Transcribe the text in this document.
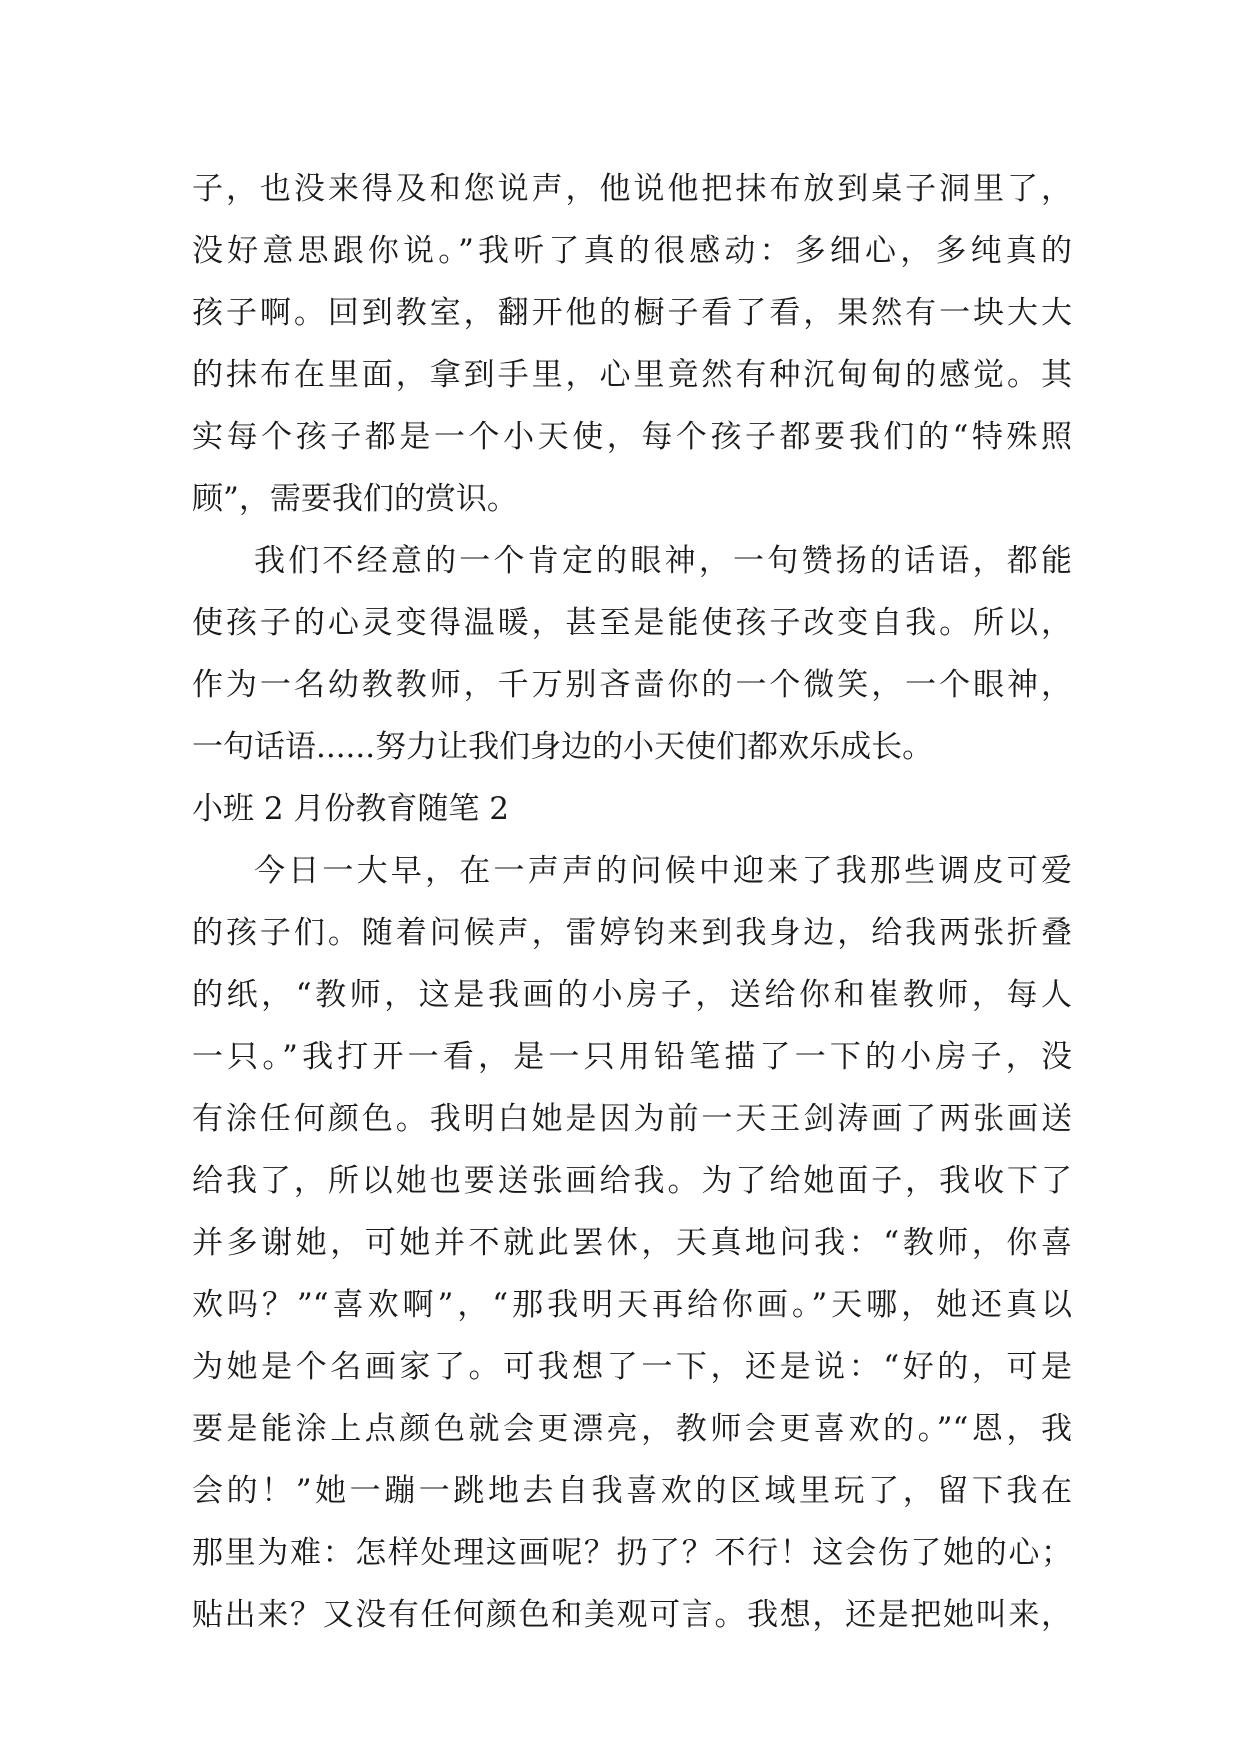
子，也没来得及和您说声，他说他把抹布放到桌子洞里了，
没好意思跟你说。”我听了真的很感动：多细心，多纯真的
孩子啊。回到教室，翻开他的橱子看了看，果然有一块大大
的抹布在里面，拿到手里，心里竟然有种沉甸甸的感觉。其
实每个孩子都是一个小天使，每个孩子都要我们的“特殊照
顾”，需要我们的赏识。
我们不经意的一个肯定的眼神，一句赞扬的话语，都能
使孩子的心灵变得温暖，甚至是能使孩子改变自我。所以，
作为一名幼教教师，千万别吝啬你的一个微笑，一个眼神，
一句话语......努力让我们身边的小天使们都欢乐成长。
小班 2 月份教育随笔 2
今日一大早，在一声声的问候中迎来了我那些调皮可爱
的孩子们。随着问候声，雷婷钧来到我身边，给我两张折叠
的纸，“教师，这是我画的小房子，送给你和崔教师，每人
一只。”我打开一看，是一只用铅笔描了一下的小房子，没
有涂任何颜色。我明白她是因为前一天王剑涛画了两张画送
给我了，所以她也要送张画给我。为了给她面子，我收下了
并多谢她，可她并不就此罢休，天真地问我：“教师，你喜
欢吗？”“喜欢啊”，“那我明天再给你画。”天哪，她还真以
为她是个名画家了。可我想了一下，还是说：“好的，可是
要是能涂上点颜色就会更漂亮，教师会更喜欢的。”“恩，我
会的！”她一蹦一跳地去自我喜欢的区域里玩了，留下我在
那里为难：怎样处理这画呢？扔了？不行！这会伤了她的心；
贴出来？又没有任何颜色和美观可言。我想，还是把她叫来，
